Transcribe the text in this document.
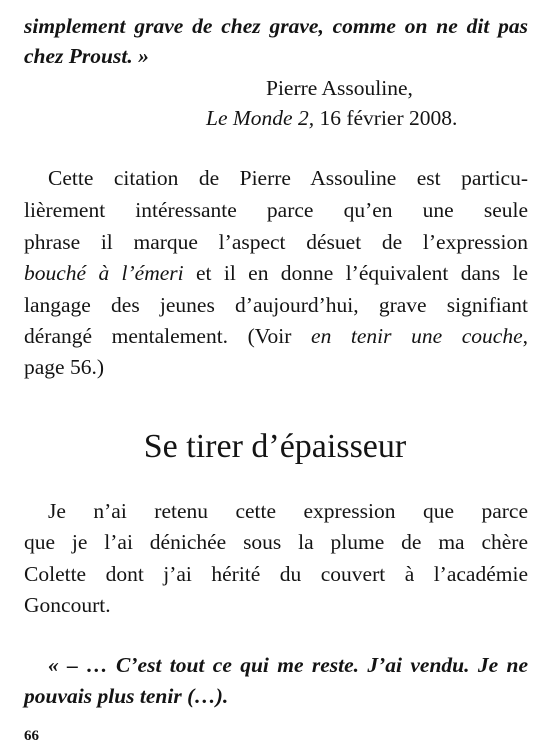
simplement grave de chez grave, comme on ne dit pas
chez Proust. »
Pierre Assouline,
Le Monde 2, 16 février 2008.
Cette citation de Pierre Assouline est particu-
lièrement intéressante parce qu’en une seule
phrase il marque l’aspect désuet de l’expression
bouché à l’émeri et il en donne l’équivalent dans le
langage des jeunes d’aujourd’hui, grave signifiant
dérangé mentalement. (Voir en tenir une couche,
page 56.)
Se tirer d’épaisseur
Je n’ai retenu cette expression que parce
que je l’ai dénichée sous la plume de ma chère
Colette dont j’ai hérité du couvert à l’académie
Goncourt.
« – … C’est tout ce qui me reste. J’ai vendu. Je ne
pouvais plus tenir (…).
66
